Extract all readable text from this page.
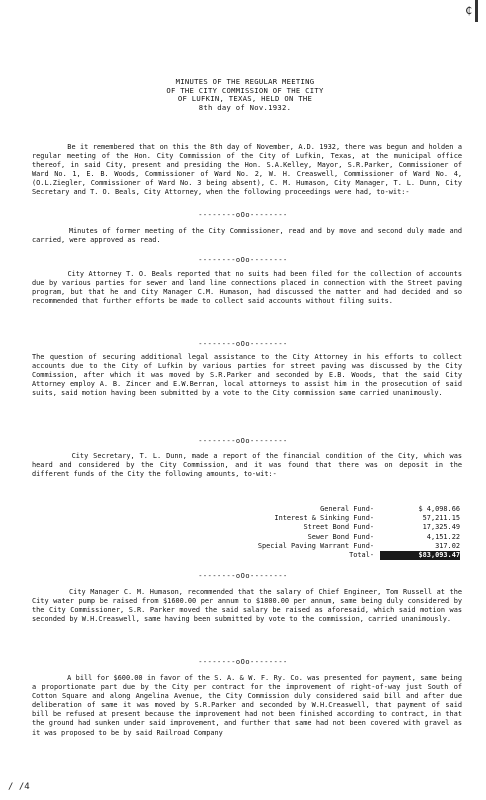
₵
MINUTES OF THE REGULAR MEETING
OF THE CITY COMMISSION OF THE CITY
OF LUFKIN, TEXAS, HELD ON THE
8th day of Nov.1932.

Be it remembered that on this the 8th day of November, A.D. 1932, there was begun and holden a regular meeting of the Hon. City Commission of the City of Lufkin, Texas, at the municipal office thereof, in said City, present and presiding the Hon. S.A.Kelley, Mayor, S.R.Parker, Commissioner of Ward No. 1, E. B. Woods, Commissioner of Ward No. 2, W. H. Creaswell, Commissioner of Ward No. 4, (O.L.Ziegler, Commissioner of Ward No. 3 being absent), C. M. Humason, City Manager, T. L. Dunn, City Secretary and T. O. Beals, City Attorney, when the following proceedings were had, to-wit:-

--------oOo--------

Minutes of former meeting of the City Commissioner, read and by move and second duly made and carried, were approved as read.

--------oOo--------

City Attorney T. O. Beals reported that no suits had been filed for the collection of accounts due by various parties for sewer and land line connections placed in connection with the Street paving program, but that he and City Manager C.M. Humason, had discussed the matter and had decided and so recommended that further efforts be made to collect said accounts without filing suits.

--------oOo--------

The question of securing additional legal assistance to the City Attorney in his efforts to collect accounts due to the City of Lufkin by various parties for street paving was discussed by the City Commission, after which it was moved by S.R.Parker and seconded by E.B. Woods, that the said City Attorney employ A. B. Zincer and E.W.Berran, local attorneys to assist him in the prosecution of said suits, said motion having been submitted by a vote to the City commission same carried unanimously.

--------oOo--------

City Secretary, T. L. Dunn, made a report of the financial condition of the City, which was heard and considered by the City Commission, and it was found that there was on deposit in the different funds of the City the following amounts, to-wit:-

General Fund-	$ 4,098.66
Interest & Sinking Fund-	57,211.15
Street Bond Fund-	17,325.49
Sewer Bond Fund-	4,151.22
Special Paving Warrant Fund-	317.02
Total-	$83,093.47
--------oOo--------

City Manager C. M. Humason, recommended that the salary of Chief Engineer, Tom Russell at the City water pump be raised from $1600.00 per annum to $1800.00 per annum, same being duly considered by the City Commissioner, S.R. Parker moved the said salary be raised as aforesaid, which said motion was seconded by W.H.Creaswell, same having been submitted by vote to the commission, carried unanimously.

--------oOo--------

A bill for $600.00 in favor of the S. A. & W. F. Ry. Co. was presented for payment, same being a proportionate part due by the City per contract for the improvement of right-of-way just South of Cotton Square and along Angelina Avenue, the City Commission duly considered said bill and after due deliberation of same it was moved by S.R.Parker and seconded by W.H.Creaswell, that payment of said bill be refused at present because the improvement had not been finished according to contract, in that the ground had sunken under said improvement, and further that same had not been covered with gravel as it was proposed to be by said Railroad Company

/ /4
